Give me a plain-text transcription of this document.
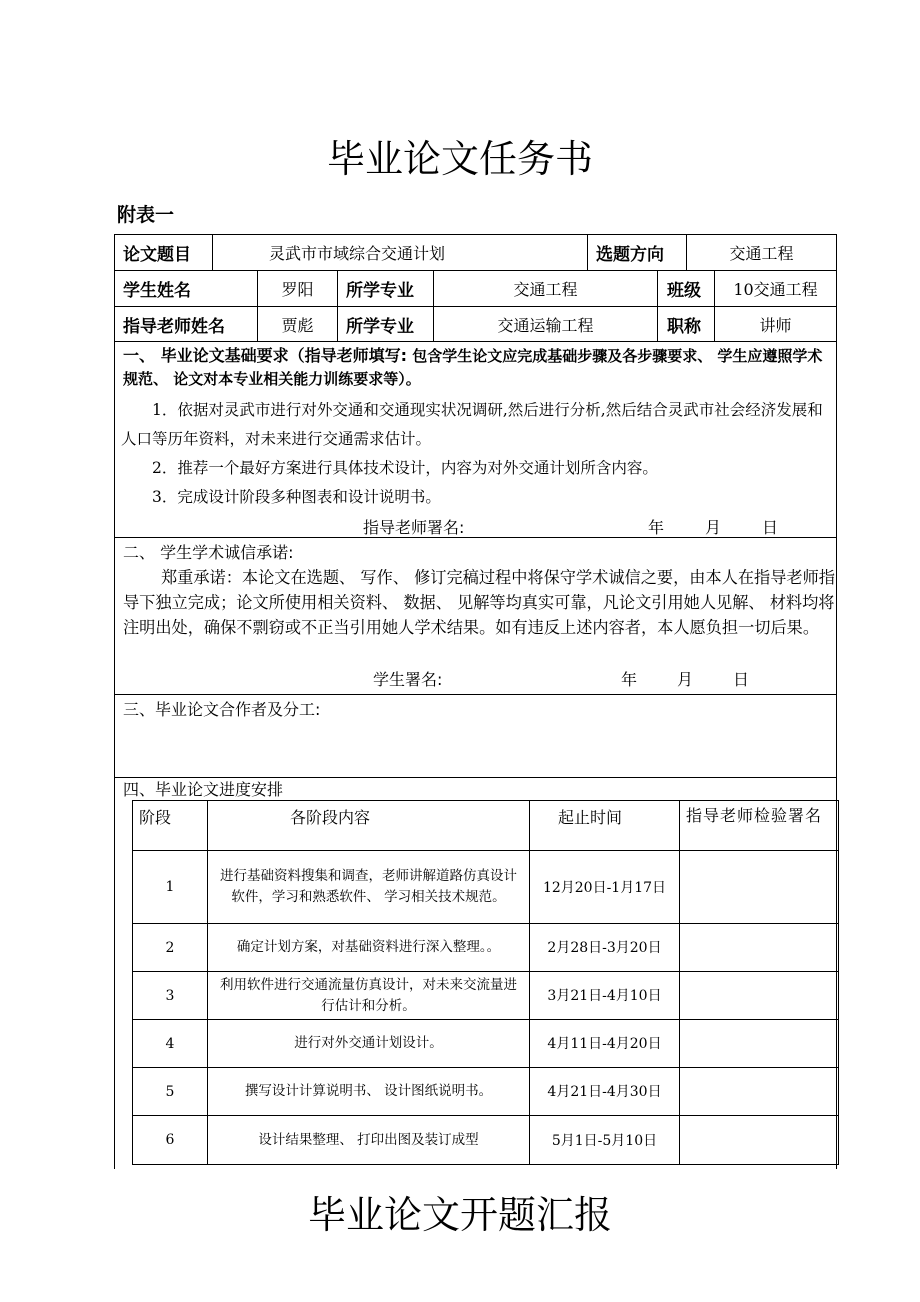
毕业论文任务书
附表一
论文题目	灵武市市域综合交通计划	选题方向	交通工程
学生姓名	罗阳	所学专业	交通工程	班级	10交通工程
指导老师姓名	贾彪	所学专业	交通运输工程	职称	讲师
一、 毕业论文基础要求（指导老师填写: 包含学生论文应完成基础步骤及各步骤要求、 学生应遵照学术规范、 论文对本专业相关能力训练要求等）。
1．依据对灵武市进行对外交通和交通现实状况调研,然后进行分析,然后结合灵武市社会经济发展和人口等历年资料，对未来进行交通需求估计。
2．推荐一个最好方案进行具体技术设计，内容为对外交通计划所含内容。
3．完成设计阶段多种图表和设计说明书。
指导老师署名:	年	月	日
二、 学生学术诚信承诺:
郑重承诺：本论文在选题、 写作、 修订完稿过程中将保守学术诚信之要，由本人在指导老师指导下独立完成；论文所使用相关资料、 数据、 见解等均真实可靠，凡论文引用她人见解、 材料均将注明出处，确保不剽窃或不正当引用她人学术结果。如有违反上述内容者，本人愿负担一切后果。
学生署名:	年 月 日
三、毕业论文合作者及分工:
四、毕业论文进度安排
阶段	各阶段内容	起止时间	指导老师检验署名
1	进行基础资料搜集和调查，老师讲解道路仿真设计软件，学习和熟悉软件、 学习相关技术规范。	12月20日-1月17日	
2	确定计划方案，对基础资料进行深入整理。。	2月28日-3月20日	
3	利用软件进行交通流量仿真设计，对未来交流量进行估计和分析。	3月21日-4月10日	
4	进行对外交通计划设计。	4月11日-4月20日	
5	撰写设计计算说明书、 设计图纸说明书。	4月21日-4月30日	
6	设计结果整理、 打印出图及装订成型	5月1日-5月10日	
毕业论文开题汇报
